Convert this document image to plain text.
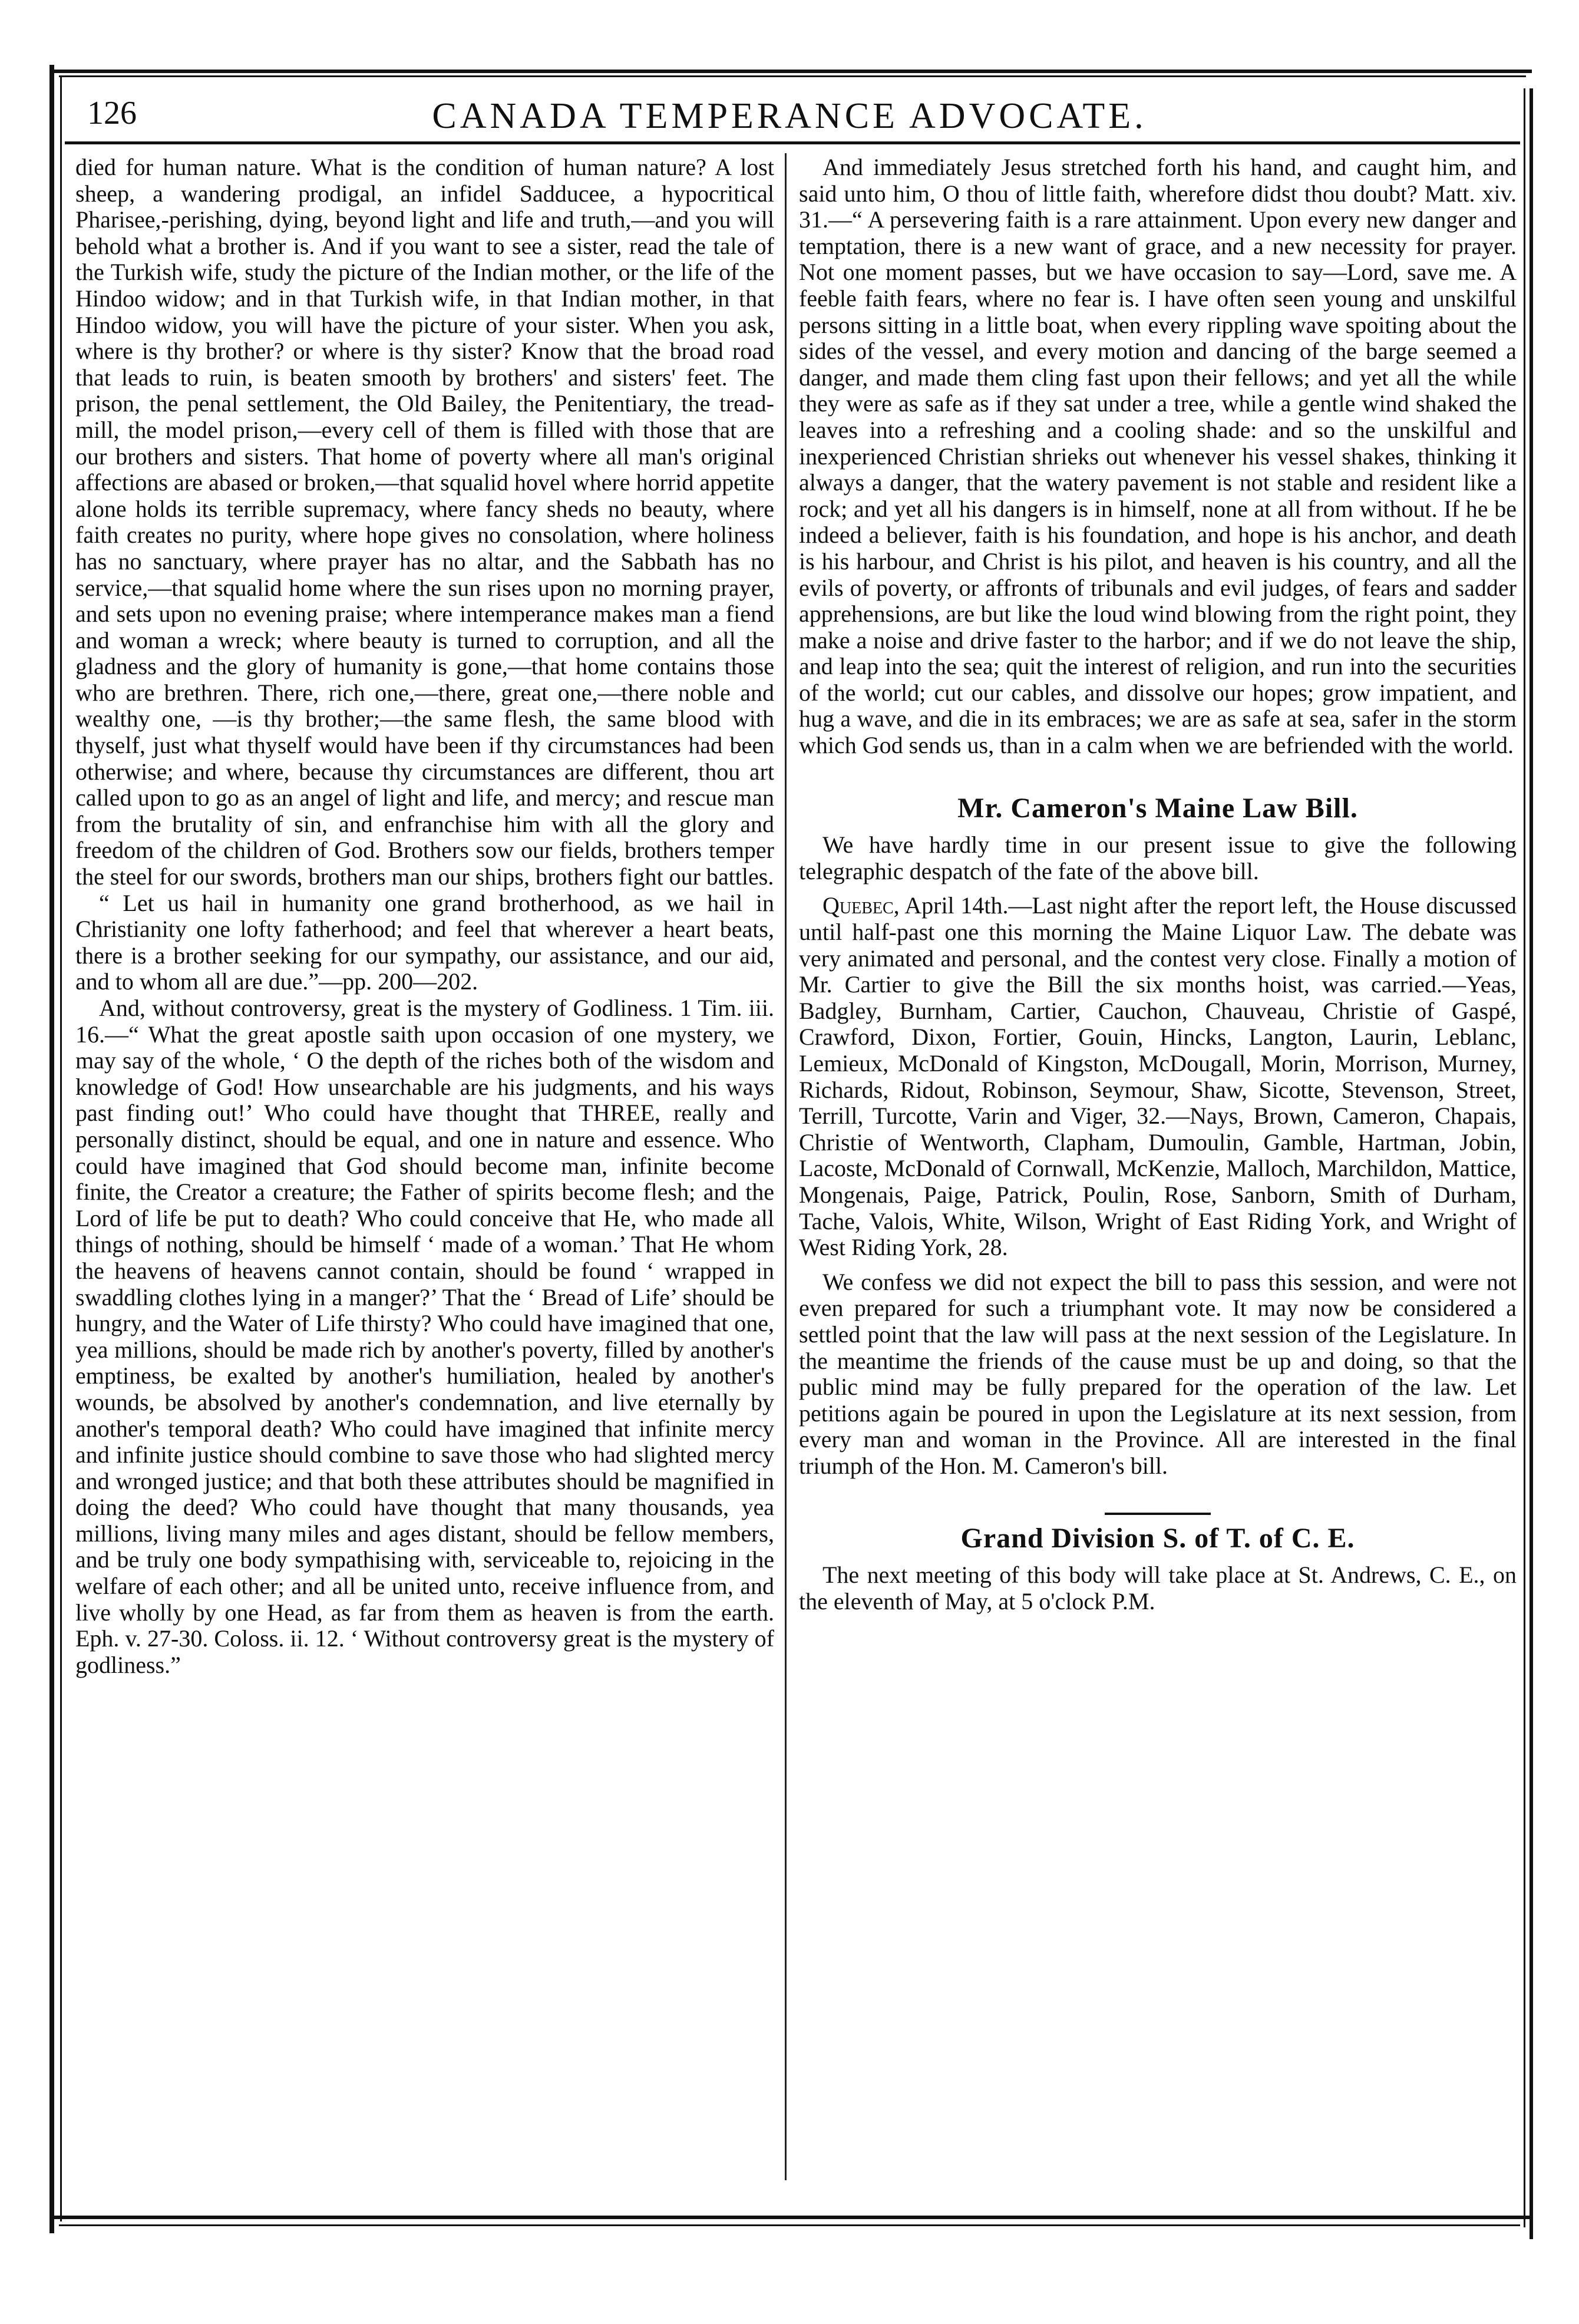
126	CANADA TEMPERANCE ADVOCATE.

died for human nature. What is the condition of human nature? A lost sheep, a wandering prodigal, an infidel Sadducee, a hypocritical Pharisee,-perishing, dying, beyond light and life and truth,—and you will behold what a brother is. And if you want to see a sister, read the tale of the Turkish wife, study the picture of the Indian mother, or the life of the Hindoo widow; and in that Turkish wife, in that Indian mother, in that Hindoo widow, you will have the picture of your sister. When you ask, where is thy brother? or where is thy sister? Know that the broad road that leads to ruin, is beaten smooth by brothers' and sisters' feet. The prison, the penal settlement, the Old Bailey, the Penitentiary, the tread-mill, the model prison,—every cell of them is filled with those that are our brothers and sisters. That home of poverty where all man's original affections are abased or broken,—that squalid hovel where horrid appetite alone holds its terrible supremacy, where fancy sheds no beauty, where faith creates no purity, where hope gives no consolation, where holiness has no sanctuary, where prayer has no altar, and the Sabbath has no service,—that squalid home where the sun rises upon no morning prayer, and sets upon no evening praise; where intemperance makes man a fiend and woman a wreck; where beauty is turned to corruption, and all the gladness and the glory of humanity is gone,—that home contains those who are brethren. There, rich one,—there, great one,—there noble and wealthy one, —is thy brother;—the same flesh, the same blood with thyself, just what thyself would have been if thy circumstances had been otherwise; and where, because thy circumstances are different, thou art called upon to go as an angel of light and life, and mercy; and rescue man from the brutality of sin, and enfranchise him with all the glory and freedom of the children of God. Brothers sow our fields, brothers temper the steel for our swords, brothers man our ships, brothers fight our battles.

“ Let us hail in humanity one grand brotherhood, as we hail in Christianity one lofty fatherhood; and feel that wherever a heart beats, there is a brother seeking for our sympathy, our assistance, and our aid, and to whom all are due.”—pp. 200—202.

And, without controversy, great is the mystery of Godliness. 1 Tim. iii. 16.—“ What the great apostle saith upon occasion of one mystery, we may say of the whole, ‘ O the depth of the riches both of the wisdom and knowledge of God! How unsearchable are his judgments, and his ways past finding out!’ Who could have thought that THREE, really and personally distinct, should be equal, and one in nature and essence. Who could have imagined that God should become man, infinite become finite, the Creator a creature; the Father of spirits become flesh; and the Lord of life be put to death? Who could conceive that He, who made all things of nothing, should be himself ‘ made of a woman.’ That He whom the heavens of heavens cannot contain, should be found ‘ wrapped in swaddling clothes lying in a manger?’ That the ‘ Bread of Life’ should be hungry, and the Water of Life thirsty? Who could have imagined that one, yea millions, should be made rich by another's poverty, filled by another's emptiness, be exalted by another's humiliation, healed by another's wounds, be absolved by another's condemnation, and live eternally by another's temporal death? Who could have imagined that infinite mercy and infinite justice should combine to save those who had slighted mercy and wronged justice; and that both these attributes should be magnified in doing the deed? Who could have thought that many thousands, yea millions, living many miles and ages distant, should be fellow members, and be truly one body sympathising with, serviceable to, rejoicing in the welfare of each other; and all be united unto, receive influence from, and live wholly by one Head, as far from them as heaven is from the earth. Eph. v. 27-30. Coloss. ii. 12. ‘ Without controversy great is the mystery of godliness.”

And immediately Jesus stretched forth his hand, and caught him, and said unto him, O thou of little faith, wherefore didst thou doubt? Matt. xiv. 31.—“ A persevering faith is a rare attainment. Upon every new danger and temptation, there is a new want of grace, and a new necessity for prayer. Not one moment passes, but we have occasion to say—Lord, save me. A feeble faith fears, where no fear is. I have often seen young and unskilful persons sitting in a little boat, when every rippling wave spoiting about the sides of the vessel, and every motion and dancing of the barge seemed a danger, and made them cling fast upon their fellows; and yet all the while they were as safe as if they sat under a tree, while a gentle wind shaked the leaves into a refreshing and a cooling shade: and so the unskilful and inexperienced Christian shrieks out whenever his vessel shakes, thinking it always a danger, that the watery pavement is not stable and resident like a rock; and yet all his dangers is in himself, none at all from without. If he be indeed a believer, faith is his foundation, and hope is his anchor, and death is his harbour, and Christ is his pilot, and heaven is his country, and all the evils of poverty, or affronts of tribunals and evil judges, of fears and sadder apprehensions, are but like the loud wind blowing from the right point, they make a noise and drive faster to the harbor; and if we do not leave the ship, and leap into the sea; quit the interest of religion, and run into the securities of the world; cut our cables, and dissolve our hopes; grow impatient, and hug a wave, and die in its embraces; we are as safe at sea, safer in the storm which God sends us, than in a calm when we are befriended with the world.

Mr. Cameron's Maine Law Bill.

We have hardly time in our present issue to give the following telegraphic despatch of the fate of the above bill.

Quebec, April 14th.—Last night after the report left, the House discussed until half-past one this morning the Maine Liquor Law. The debate was very animated and personal, and the contest very close. Finally a motion of Mr. Cartier to give the Bill the six months hoist, was carried.—Yeas, Badgley, Burnham, Cartier, Cauchon, Chauveau, Christie of Gaspé, Crawford, Dixon, Fortier, Gouin, Hincks, Langton, Laurin, Leblanc, Lemieux, McDonald of Kingston, McDougall, Morin, Morrison, Murney, Richards, Ridout, Robinson, Seymour, Shaw, Sicotte, Stevenson, Street, Terrill, Turcotte, Varin and Viger, 32.—Nays, Brown, Cameron, Chapais, Christie of Wentworth, Clapham, Dumoulin, Gamble, Hartman, Jobin, Lacoste, McDonald of Cornwall, McKenzie, Malloch, Marchildon, Mattice, Mongenais, Paige, Patrick, Poulin, Rose, Sanborn, Smith of Durham, Tache, Valois, White, Wilson, Wright of East Riding York, and Wright of West Riding York, 28.

We confess we did not expect the bill to pass this session, and were not even prepared for such a triumphant vote. It may now be considered a settled point that the law will pass at the next session of the Legislature. In the meantime the friends of the cause must be up and doing, so that the public mind may be fully prepared for the operation of the law. Let petitions again be poured in upon the Legislature at its next session, from every man and woman in the Province. All are interested in the final triumph of the Hon. M. Cameron's bill.

Grand Division S. of T. of C. E.

The next meeting of this body will take place at St. Andrews, C. E., on the eleventh of May, at 5 o'clock P.M.
